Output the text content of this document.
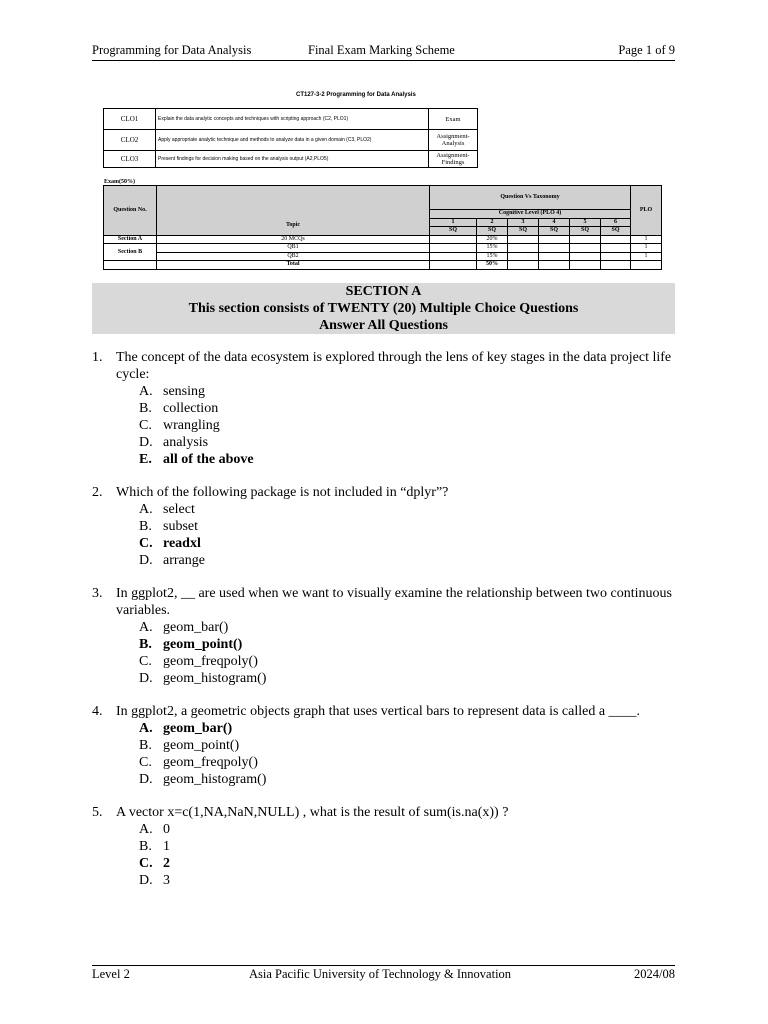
Programming for Data Analysis	Final Exam Marking Scheme	Page 1 of 9
CT127-3-2 Programming for Data Analysis
CLO1	Explain the data analytic concepts and techniques with scripting approach (C2, PLO1)	Exam
CLO2	Apply appropriate analytic technique and methods to analyze data in a given domain (C3, PLO2)	Assignment-Analysis
CLO3	Present findings for decision making based on the analysis output (A2,PLO5)	Assignment-Findings
Exam(50%)
Question No.	Topic	Question Vs Taxonomy						PLO
		Cognitive Level (PLO 4)						
		1	2	3	4	5	6	
		SQ	SQ	SQ	SQ	SQ	SQ	
Section A	20 MCQs		20%					1
Section B	QB1		15%					1
	QB2		15%					1
	Total		50%					
SECTION A
This section consists of TWENTY (20) Multiple Choice Questions
Answer All Questions
1. The concept of the data ecosystem is explored through the lens of key stages in the data project life cycle:
A. sensing
B. collection
C. wrangling
D. analysis
E. all of the above
2. Which of the following package is not included in “dplyr”?
A. select
B. subset
C. readxl
D. arrange
3. In ggplot2, __ are used when we want to visually examine the relationship between two continuous variables.
A. geom_bar()
B. geom_point()
C. geom_freqpoly()
D. geom_histogram()
4. In ggplot2, a geometric objects graph that uses vertical bars to represent data is called a ____.
A. geom_bar()
B. geom_point()
C. geom_freqpoly()
D. geom_histogram()
5. A vector x=c(1,NA,NaN,NULL) , what is the result of sum(is.na(x)) ?
A. 0
B. 1
C. 2
D. 3
Level 2	Asia Pacific University of Technology & Innovation	2024/08
